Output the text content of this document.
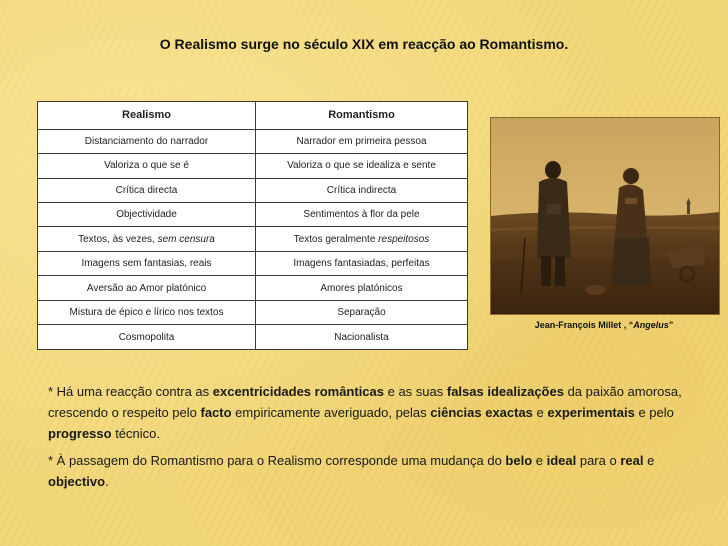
O Realismo surge no século XIX em reacção ao Romantismo.
Realismo	Romantismo
Distanciamento do narrador	Narrador em primeira pessoa
Valoriza o que se é	Valoriza o que se idealiza e sente
Crítica directa	Crítica indirecta
Objectividade	Sentimentos à flor da pele
Textos, às vezes, sem censura	Textos geralmente respeitosos
Imagens sem fantasias, reais	Imagens fantasiadas, perfeitas
Aversão ao Amor platónico	Amores platónicos
Mistura de épico e lírico nos textos	Separação
Cosmopolita	Nacionalista
Jean-François Millet , “Angelus”

* Há uma reacção contra as excentricidades românticas e as suas falsas idealizações da paixão amorosa, crescendo o respeito pelo facto empiricamente averiguado, pelas ciências exactas e experimentais e pelo progresso técnico.

* À passagem do Romantismo para o Realismo corresponde uma mudança do belo e ideal para o real e objectivo.
